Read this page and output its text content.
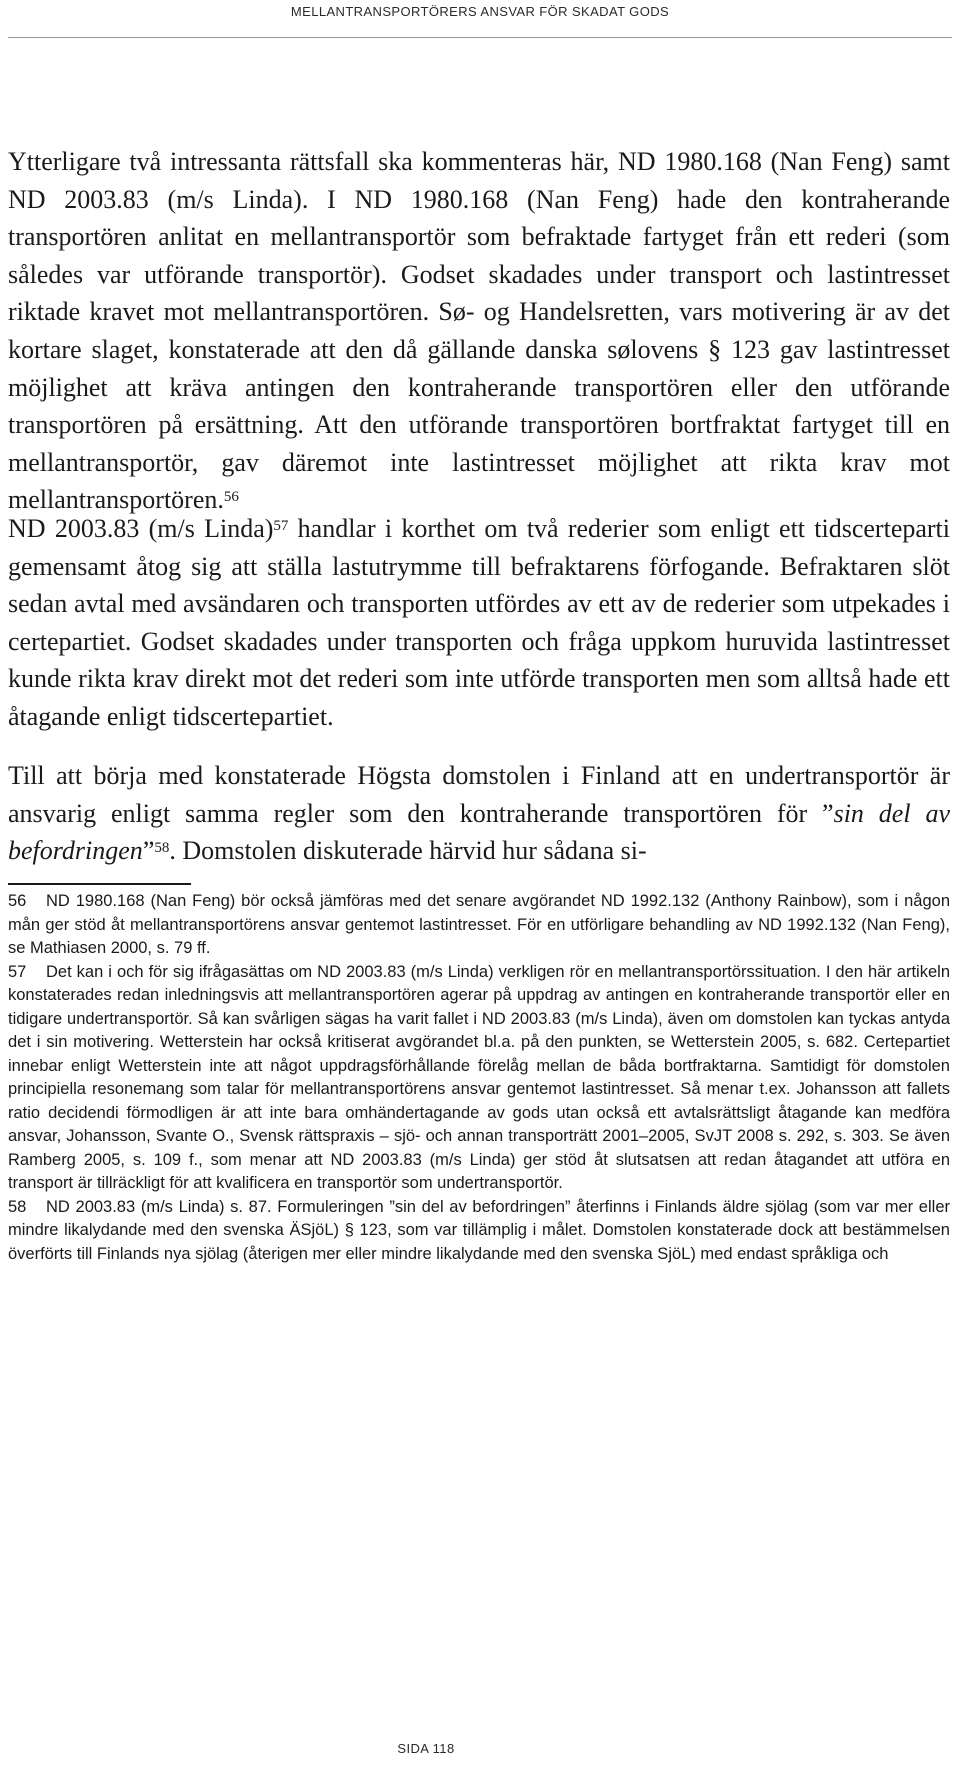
MELLANTRANSPORTÖRERS ANSVAR FÖR SKADAT GODS

Ytterligare två intressanta rättsfall ska kommenteras här, ND 1980.168 (Nan Feng) samt ND 2003.83 (m/s Linda). I ND 1980.168 (Nan Feng) hade den kontraherande transportören anlitat en mellantransportör som befraktade fartyget från ett rederi (som således var utförande transportör). Godset skadades under transport och lastintresset riktade kravet mot mellantransportören. Sø- og Handelsretten, vars motivering är av det kortare slaget, konstaterade att den då gällande danska sølovens § 123 gav lastintresset möjlighet att kräva antingen den kontraherande transportören eller den utförande transportören på ersättning. Att den utförande transportören bortfraktat fartyget till en mellantransportör, gav däremot inte lastintresset möjlighet att rikta krav mot mellantransportören.$^{56}$

ND 2003.83 (m/s Linda)$^{57}$ handlar i korthet om två rederier som enligt ett tidscerteparti gemensamt åtog sig att ställa lastutrymme till befraktarens förfogande. Befraktaren slöt sedan avtal med avsändaren och transporten utfördes av ett av de rederier som utpekades i certepartiet. Godset skadades under transporten och fråga uppkom huruvida lastintresset kunde rikta krav direkt mot det rederi som inte utförde transporten men som alltså hade ett åtagande enligt tidscertepartiet.

Till att börja med konstaterade Högsta domstolen i Finland att en undertransportör är ansvarig enligt samma regler som den kontraherande transportören för ”sin del av befordringen”$^{58}$. Domstolen diskuterade härvid hur sådana si-

56 ND 1980.168 (Nan Feng) bör också jämföras med det senare avgörandet ND 1992.132 (Anthony Rainbow), som i någon mån ger stöd åt mellantransportörens ansvar gentemot lastintresset. För en utförligare behandling av ND 1992.132 (Nan Feng), se Mathiasen 2000, s. 79 ff.

57 Det kan i och för sig ifrågasättas om ND 2003.83 (m/s Linda) verkligen rör en mellantransportörssituation. I den här artikeln konstaterades redan inledningsvis att mellantransportören agerar på uppdrag av antingen en kontraherande transportör eller en tidigare undertransportör. Så kan svårligen sägas ha varit fallet i ND 2003.83 (m/s Linda), även om domstolen kan tyckas antyda det i sin motivering. Wetterstein har också kritiserat avgörandet bl.a. på den punkten, se Wetterstein 2005, s. 682. Certepartiet innebar enligt Wetterstein inte att något uppdragsförhållande förelåg mellan de båda bortfraktarna. Samtidigt för domstolen principiella resonemang som talar för mellantransportörens ansvar gentemot lastintresset. Så menar t.ex. Johansson att fallets ratio decidendi förmodligen är att inte bara omhändertagande av gods utan också ett avtalsrättsligt åtagande kan medföra ansvar, Johansson, Svante O., Svensk rättspraxis – sjö- och annan transporträtt 2001–2005, SvJT 2008 s. 292, s. 303. Se även Ramberg 2005, s. 109 f., som menar att ND 2003.83 (m/s Linda) ger stöd åt slutsatsen att redan åtagandet att utföra en transport är tillräckligt för att kvalificera en transportör som undertransportör.

58 ND 2003.83 (m/s Linda) s. 87. Formuleringen ”sin del av befordringen” återfinns i Finlands äldre sjölag (som var mer eller mindre likalydande med den svenska ÄSjöL) § 123, som var tillämplig i målet. Domstolen konstaterade dock att bestämmelsen överförts till Finlands nya sjölag (återigen mer eller mindre likalydande med den svenska SjöL) med endast språkliga och

SIDA 118
